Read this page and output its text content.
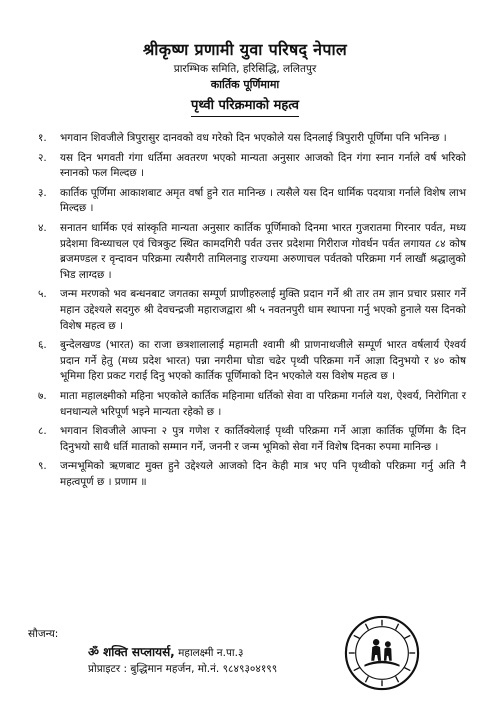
श्रीकृष्ण प्रणामी युवा परिषद् नेपाल
प्रारम्भिक समिति, हरिसिद्धि, ललितपुर
कार्तिक पूर्णिमामा
पृथ्वी परिक्रमाको महत्व
१.	भगवान शिवजीले त्रिपुरासुर दानवको वध गरेको दिन भएकोले यस दिनलाई त्रिपुरारी पूर्णिमा पनि भनिन्छ ।
२.	यस दिन भगवती गंगा धर्तिमा अवतरण भएको मान्यता अनुसार आजको दिन गंगा स्नान गर्नाले वर्ष भरिको स्नानको फल मिल्दछ ।
३.	कार्तिक पूर्णिमा आकाशबाट अमृत वर्षा हुने रात मानिन्छ । त्यसैले यस दिन धार्मिक पदयात्रा गर्नाले विशेष लाभ मिल्दछ ।
४.	सनातन धार्मिक एवं सांस्कृति मान्यता अनुसार कार्तिक पूर्णिमाको दिनमा भारत गुजरातमा गिरनार पर्वत, मध्य प्रदेशमा विन्ध्याचल एवं चित्रकुट स्थित कामदगिरी पर्वत उत्तर प्रदेशमा गिरीराज गोवर्धन पर्वत लगायत ८४ कोष ब्रजमण्डल र वृन्दावन परिक्रमा त्यसैगरी तामिलनाडु राज्यमा अरुणाचल पर्वतको परिक्रमा गर्न लाखौं श्रद्धालुको भिड लाग्दछ ।
५.	जन्म मरणको भव बन्धनबाट जगतका सम्पूर्ण प्राणीहरुलाई मुक्ति प्रदान गर्ने श्री तार तम ज्ञान प्रचार प्रसार गर्ने महान उद्देश्यले सदगुरु श्री देवचन्द्रजी महाराजद्वारा श्री ५ नवतनपुरी धाम स्थापना गर्नु भएको हुनाले यस दिनको विशेष महत्व छ ।
६.	बुन्देलखण्ड (भारत) का राजा छत्रशालालाई महामती श्वामी श्री प्राणनाथजीले सम्पूर्ण भारत वर्षलार्य ऐश्वर्य प्रदान गर्ने हेतु (मध्य प्रदेश भारत) पन्ना नगरीमा घोडा चढेर पृथ्वी परिक्रमा गर्ने आज्ञा दिनुभयो र ४० कोष भूमिमा हिरा प्रकट गराई दिनु भएको कार्तिक पूर्णिमाको दिन भएकोले यस विशेष महत्व छ ।
७.	माता महालक्ष्मीको महिना भएकोले कार्तिक महिनामा धर्तिको सेवा वा परिक्रमा गर्नाले यश, ऐश्वर्य, निरोगिता र धनधान्यले भरिपूर्ण भइने मान्यता रहेको छ ।
८.	भगवान शिवजीले आफ्ना २ पुत्र गणेश र कार्तिक्येलाई पृथ्वी परिक्रमा गर्ने आज्ञा कार्तिक पूर्णिमा कै दिन दिनुभयो साथै धर्ति माताको सम्मान गर्ने, जननी र जन्म भूमिको सेवा गर्ने विशेष दिनका रुपमा मानिन्छ ।
९.	जन्मभूमिको ऋणबाट मुक्त हुने उद्देश्यले आजको दिन केही मात्र भए पनि पृथ्वीको परिक्रमा गर्नु अति नै महत्वपूर्ण छ । प्रणाम ॥
सौजन्य:
ॐ शक्ति सप्लायर्स, महालक्ष्मी न.पा.३
प्रोप्राइटर : बुद्धिमान महर्जन, मो.नं. ९८४९३०४१९९
